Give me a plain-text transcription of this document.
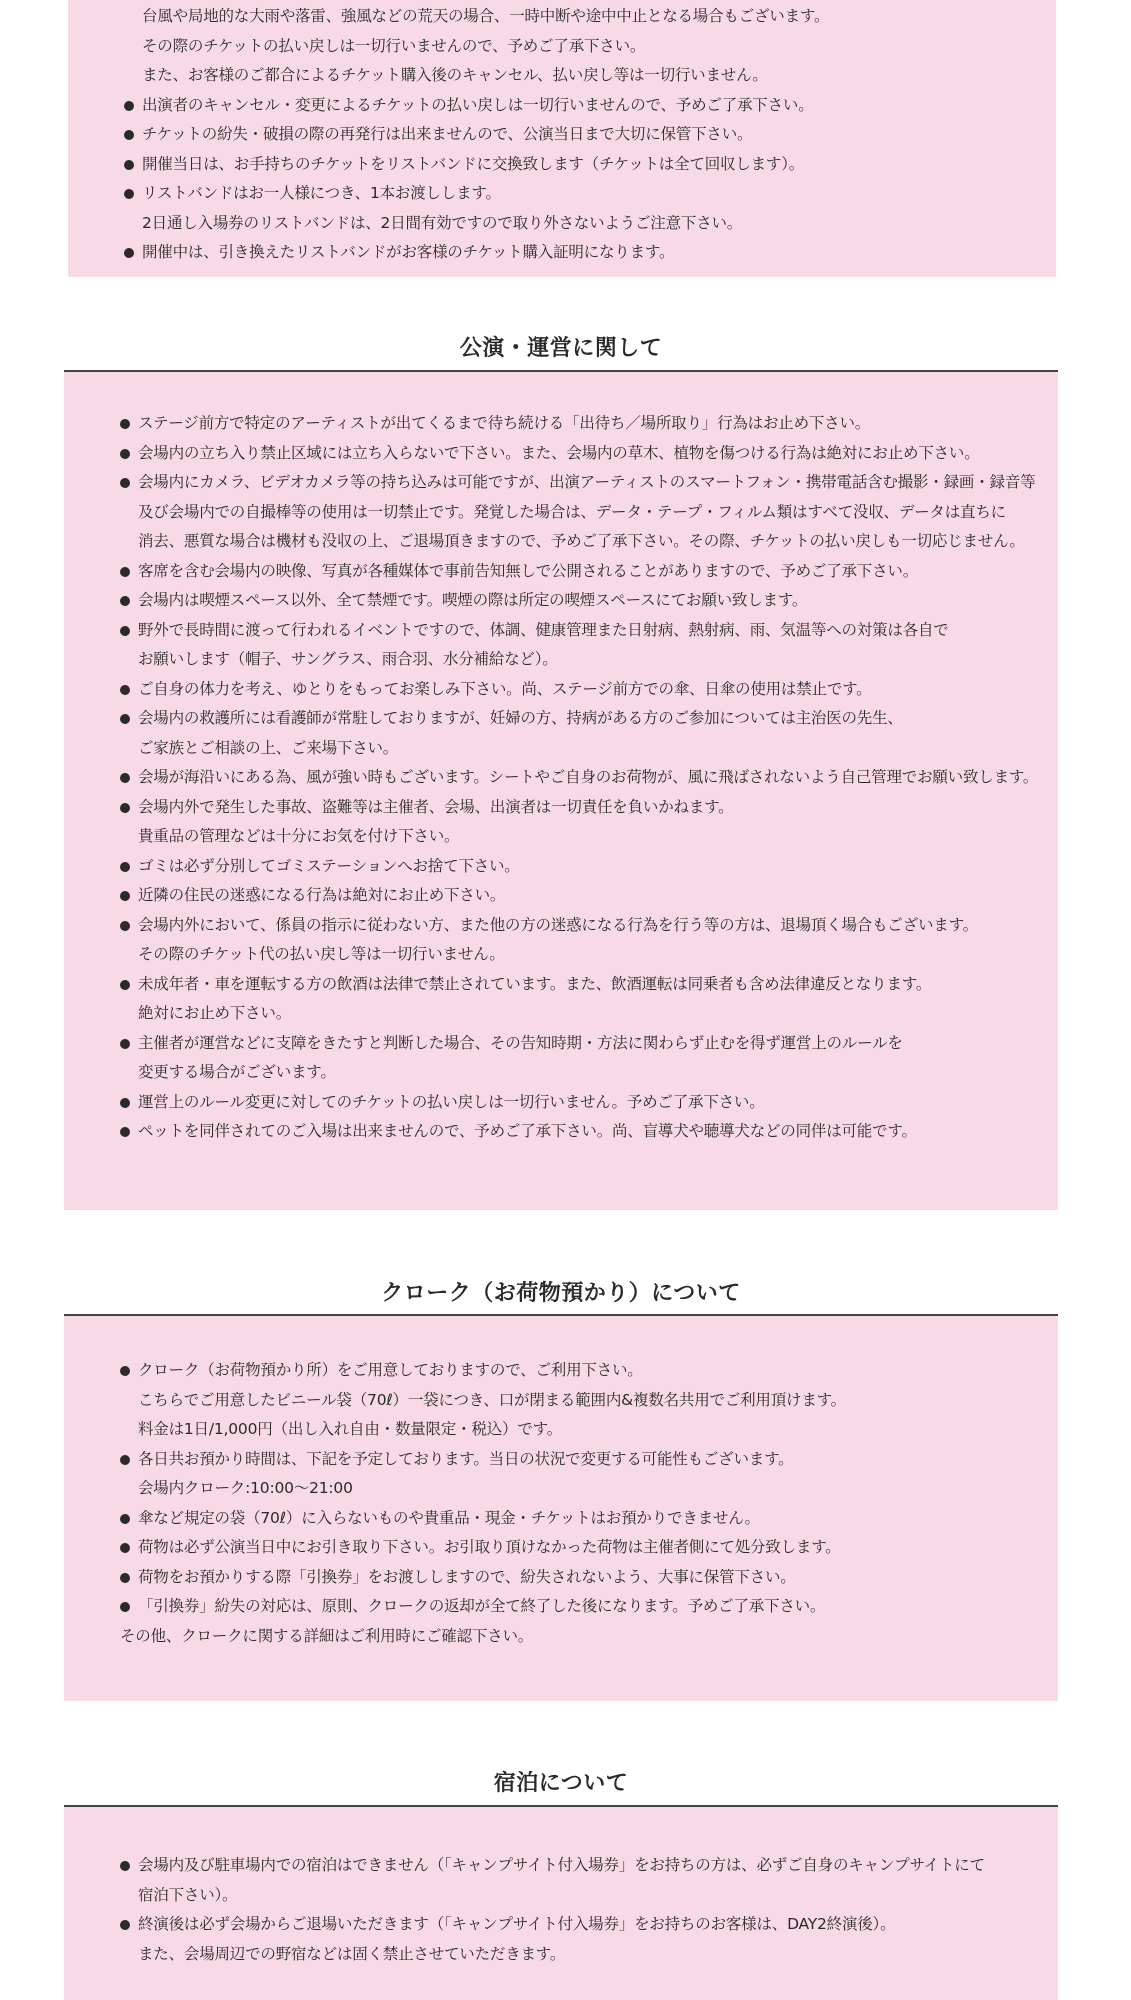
台風や局地的な大雨や落雷、強風などの荒天の場合、一時中断や途中中止となる場合もございます。
その際のチケットの払い戻しは一切行いませんので、予めご了承下さい。
また、お客様のご都合によるチケット購入後のキャンセル、払い戻し等は一切行いません。
出演者のキャンセル・変更によるチケットの払い戻しは一切行いませんので、予めご了承下さい。
チケットの紛失・破損の際の再発行は出来ませんので、公演当日まで大切に保管下さい。
開催当日は、お手持ちのチケットをリストバンドに交換致します（チケットは全て回収します）。
リストバンドはお一人様につき、1本お渡しします。
2日通し入場券のリストバンドは、2日間有効ですので取り外さないようご注意下さい。
開催中は、引き換えたリストバンドがお客様のチケット購入証明になります。
公演・運営に関して
ステージ前方で特定のアーティストが出てくるまで待ち続ける「出待ち／場所取り」行為はお止め下さい。
会場内の立ち入り禁止区域には立ち入らないで下さい。また、会場内の草木、植物を傷つける行為は絶対にお止め下さい。
会場内にカメラ、ビデオカメラ等の持ち込みは可能ですが、出演アーティストのスマートフォン・携帯電話含む撮影・録画・録音等
及び会場内での自撮棒等の使用は一切禁止です。発覚した場合は、データ・テープ・フィルム類はすべて没収、データは直ちに
消去、悪質な場合は機材も没収の上、ご退場頂きますので、予めご了承下さい。その際、チケットの払い戻しも一切応じません。
客席を含む会場内の映像、写真が各種媒体で事前告知無しで公開されることがありますので、予めご了承下さい。
会場内は喫煙スペース以外、全て禁煙です。喫煙の際は所定の喫煙スペースにてお願い致します。
野外で長時間に渡って行われるイベントですので、体調、健康管理また日射病、熱射病、雨、気温等への対策は各自で
お願いします（帽子、サングラス、雨合羽、水分補給など）。
ご自身の体力を考え、ゆとりをもってお楽しみ下さい。尚、ステージ前方での傘、日傘の使用は禁止です。
会場内の救護所には看護師が常駐しておりますが、妊婦の方、持病がある方のご参加については主治医の先生、
ご家族とご相談の上、ご来場下さい。
会場が海沿いにある為、風が強い時もございます。シートやご自身のお荷物が、風に飛ばされないよう自己管理でお願い致します。
会場内外で発生した事故、盗難等は主催者、会場、出演者は一切責任を負いかねます。
貴重品の管理などは十分にお気を付け下さい。
ゴミは必ず分別してゴミステーションへお捨て下さい。
近隣の住民の迷惑になる行為は絶対にお止め下さい。
会場内外において、係員の指示に従わない方、また他の方の迷惑になる行為を行う等の方は、退場頂く場合もございます。
その際のチケット代の払い戻し等は一切行いません。
未成年者・車を運転する方の飲酒は法律で禁止されています。また、飲酒運転は同乗者も含め法律違反となります。
絶対にお止め下さい。
主催者が運営などに支障をきたすと判断した場合、その告知時期・方法に関わらず止むを得ず運営上のルールを
変更する場合がございます。
運営上のルール変更に対してのチケットの払い戻しは一切行いません。予めご了承下さい。
ペットを同伴されてのご入場は出来ませんので、予めご了承下さい。尚、盲導犬や聴導犬などの同伴は可能です。
クローク（お荷物預かり）について
クローク（お荷物預かり所）をご用意しておりますので、ご利用下さい。
こちらでご用意したビニール袋（70ℓ）一袋につき、口が閉まる範囲内&複数名共用でご利用頂けます。
料金は1日/1,000円（出し入れ自由・数量限定・税込）です。
各日共お預かり時間は、下記を予定しております。当日の状況で変更する可能性もございます。
会場内クローク:10:00〜21:00
傘など規定の袋（70ℓ）に入らないものや貴重品・現金・チケットはお預かりできません。
荷物は必ず公演当日中にお引き取り下さい。お引取り頂けなかった荷物は主催者側にて処分致します。
荷物をお預かりする際「引換券」をお渡ししますので、紛失されないよう、大事に保管下さい。
「引換券」紛失の対応は、原則、クロークの返却が全て終了した後になります。予めご了承下さい。
その他、クロークに関する詳細はご利用時にご確認下さい。
宿泊について
会場内及び駐車場内での宿泊はできません（「キャンプサイト付入場券」をお持ちの方は、必ずご自身のキャンプサイトにて
宿泊下さい）。
終演後は必ず会場からご退場いただきます（「キャンプサイト付入場券」をお持ちのお客様は、DAY2終演後）。
また、会場周辺での野宿などは固く禁止させていただきます。
